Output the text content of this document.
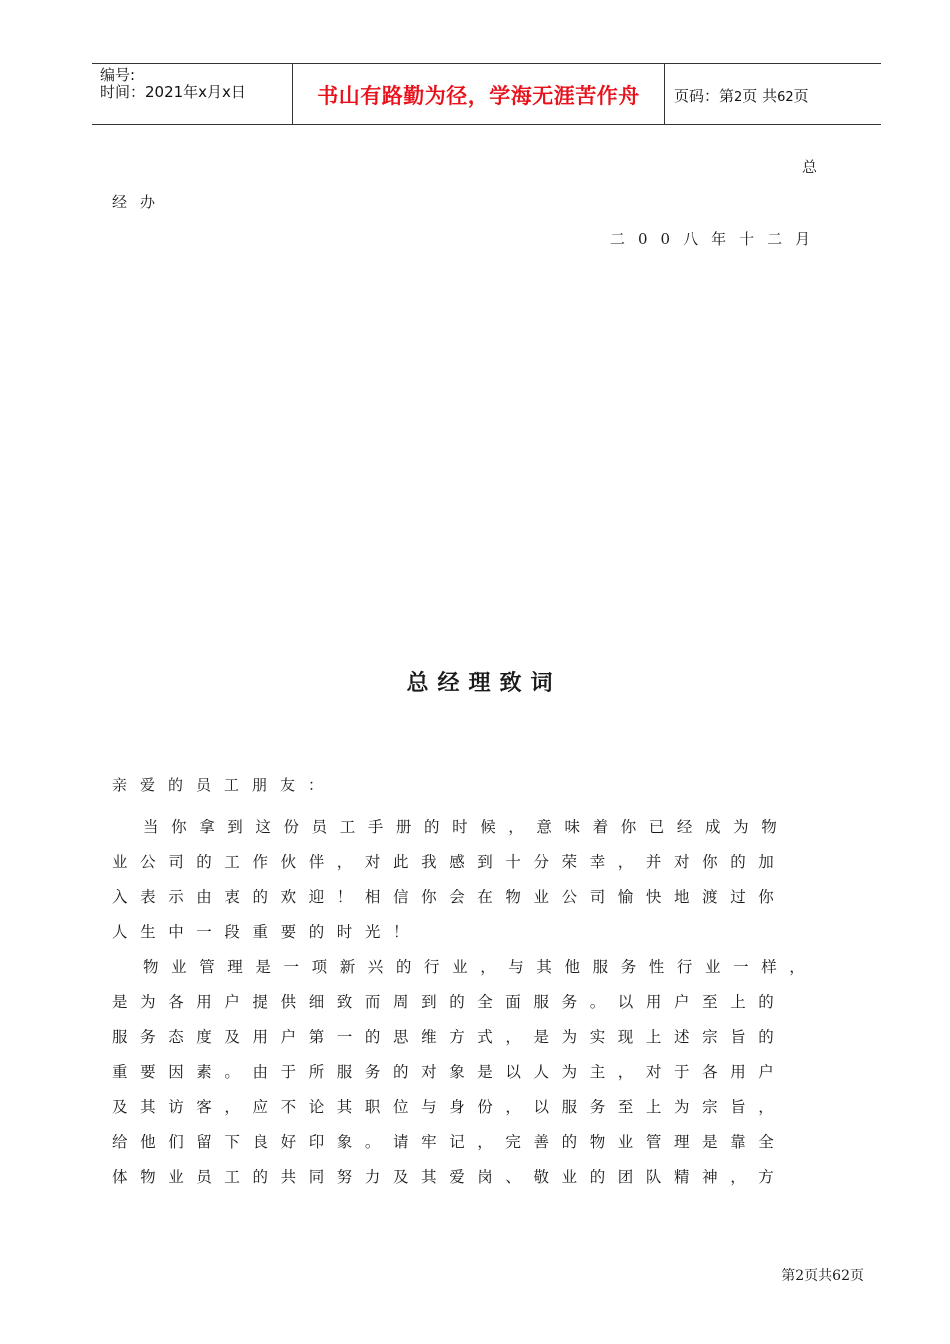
编号:
时间：2021年x月x日	书山有路勤为径，学海无涯苦作舟	页码：第2页 共62页
总
经办
二00八年十二月
总经理致词
亲爱的员工朋友：
当你拿到这份员工手册的时候，意味着你已经成为物
业公司的工作伙伴，对此我感到十分荣幸，并对你的加
入表示由衷的欢迎！相信你会在物业公司愉快地渡过你
人生中一段重要的时光！
物业管理是一项新兴的行业，与其他服务性行业一样，
是为各用户提供细致而周到的全面服务。以用户至上的
服务态度及用户第一的思维方式，是为实现上述宗旨的
重要因素。由于所服务的对象是以人为主，对于各用户
及其访客，应不论其职位与身份，以服务至上为宗旨，
给他们留下良好印象。请牢记，完善的物业管理是靠全
体物业员工的共同努力及其爱岗、敬业的团队精神，方
第2页共62页
